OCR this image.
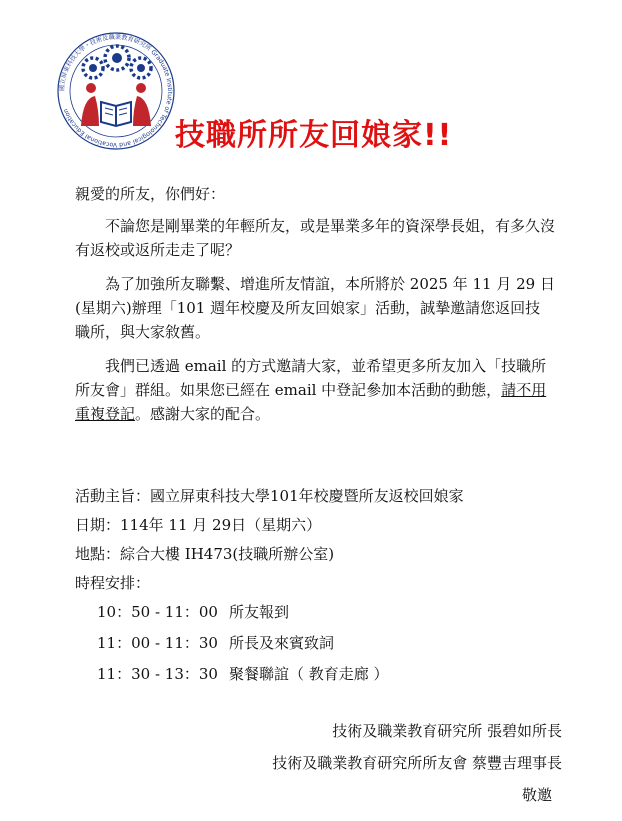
國立屏東科技大學・技術及職業教育研究所 Graduate Institute of Technological and Vocational Education
技職所所友回娘家!!

親愛的所友，你們好：

不論您是剛畢業的年輕所友，或是畢業多年的資深學長姐，有多久沒有返校或返所走走了呢？

為了加強所友聯繫、增進所友情誼，本所將於 2025 年 11 月 29 日(星期六)辦理「101 週年校慶及所友回娘家」活動，誠摯邀請您返回技職所，與大家敘舊。

我們已透過 email 的方式邀請大家，並希望更多所友加入「技職所所友會」群組。如果您已經在 email 中登記參加本活動的動態，請不用重複登記。感謝大家的配合。

活動主旨：國立屏東科技大學101年校慶暨所友返校回娘家
日期：114年 11 月 29日（星期六）
地點：綜合大樓 IH473(技職所辦公室)
時程安排：
10：50 - 11：00 所友報到
11：00 - 11：30 所長及來賓致詞
11：30 - 13：30 聚餐聯誼（ 教育走廊 ）
技術及職業教育研究所 張碧如所長
技術及職業教育研究所所友會 蔡豐吉理事長
敬邀
